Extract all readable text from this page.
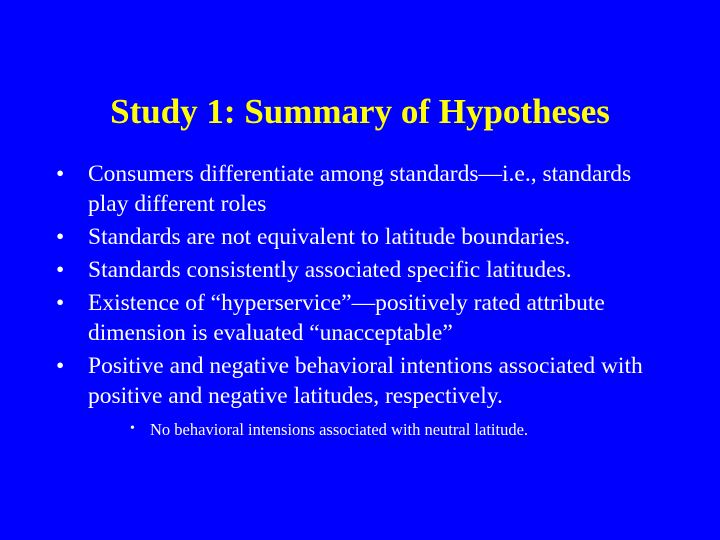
Study 1: Summary of Hypotheses
•	Consumers differentiate among standards—i.e., standards play different roles
•	Standards are not equivalent to latitude boundaries.
•	Standards consistently associated specific latitudes.
•	Existence of “hyperservice”—positively rated attribute dimension is evaluated “unacceptable”
•	Positive and negative behavioral intentions associated with positive and negative latitudes, respectively.
• No behavioral intensions associated with neutral latitude.
